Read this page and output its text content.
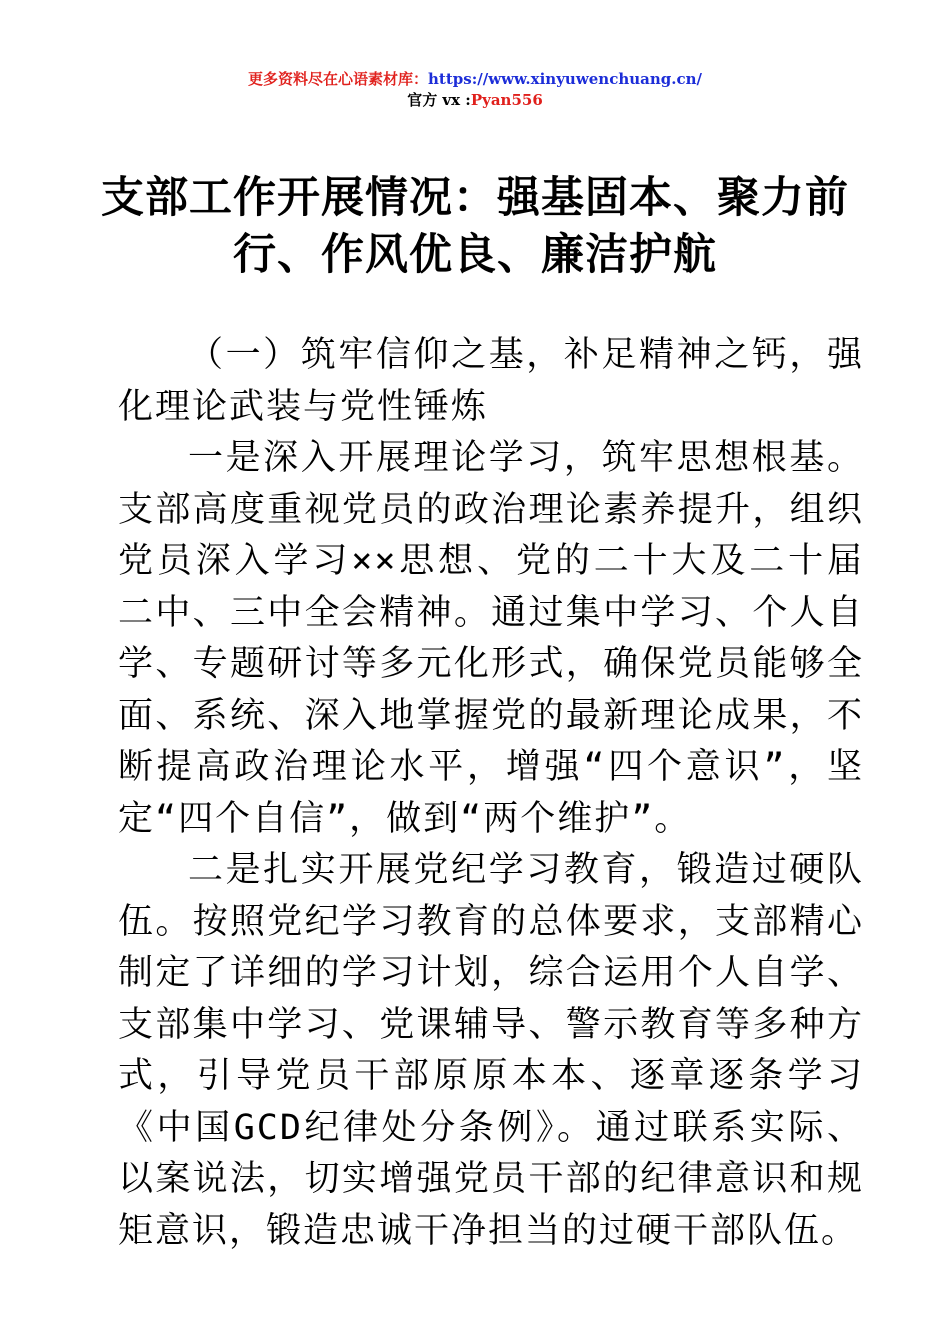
更多资料尽在心语素材库：https://www.xinyuwenchuang.cn/
官方 vx :Pyan556
支部工作开展情况：强基固本、聚力前行、作风优良、廉洁护航

（一）筑牢信仰之基，补足精神之钙，强化理论武装与党性锤炼

一是深入开展理论学习，筑牢思想根基。支部高度重视党员的政治理论素养提升，组织党员深入学习××思想、党的二十大及二十届二中、三中全会精神。通过集中学习、个人自学、专题研讨等多元化形式，确保党员能够全面、系统、深入地掌握党的最新理论成果，不断提高政治理论水平，增强“四个意识”，坚定“四个自信”，做到“两个维护”。

二是扎实开展党纪学习教育，锻造过硬队伍。按照党纪学习教育的总体要求，支部精心制定了详细的学习计划，综合运用个人自学、支部集中学习、党课辅导、警示教育等多种方式，引导党员干部原原本本、逐章逐条学习《中国GCD纪律处分条例》。通过联系实际、以案说法，切实增强党员干部的纪律意识和规矩意识，锻造忠诚干净担当的过硬干部队伍。
